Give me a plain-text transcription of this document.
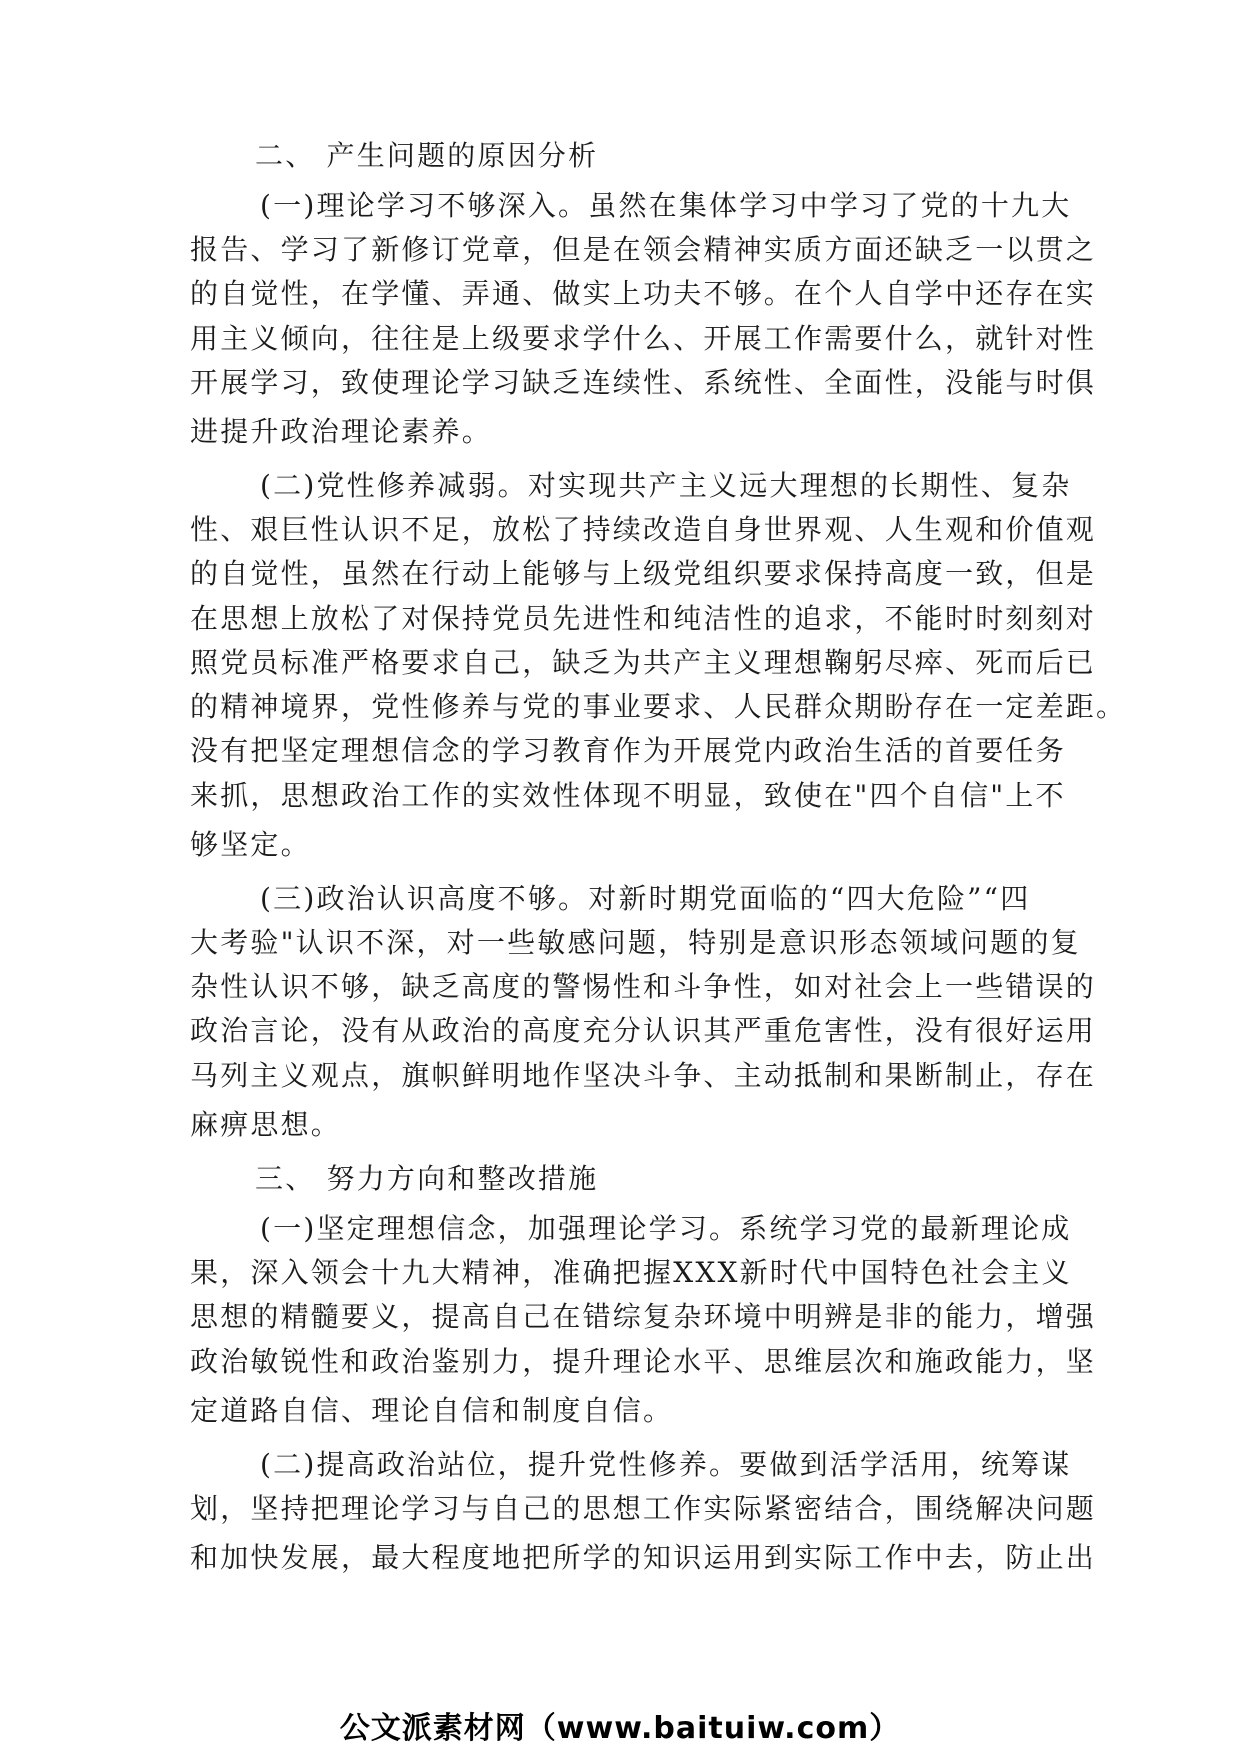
二、 产生问题的原因分析
(一)理论学习不够深入。虽然在集体学习中学习了党的十九大
报告、学习了新修订党章，但是在领会精神实质方面还缺乏一以贯之
的自觉性，在学懂、弄通、做实上功夫不够。在个人自学中还存在实
用主义倾向，往往是上级要求学什么、开展工作需要什么，就针对性
开展学习，致使理论学习缺乏连续性、系统性、全面性，没能与时俱
进提升政治理论素养。
(二)党性修养减弱。对实现共产主义远大理想的长期性、复杂
性、艰巨性认识不足，放松了持续改造自身世界观、人生观和价值观
的自觉性，虽然在行动上能够与上级党组织要求保持高度一致，但是
在思想上放松了对保持党员先进性和纯洁性的追求，不能时时刻刻对
照党员标准严格要求自己，缺乏为共产主义理想鞠躬尽瘁、死而后已
的精神境界，党性修养与党的事业要求、人民群众期盼存在一定差距。
没有把坚定理想信念的学习教育作为开展党内政治生活的首要任务
来抓，思想政治工作的实效性体现不明显，致使在"四个自信"上不
够坚定。
(三)政治认识高度不够。对新时期党面临的“四大危险”“四
大考验"认识不深，对一些敏感问题，特别是意识形态领域问题的复
杂性认识不够，缺乏高度的警惕性和斗争性，如对社会上一些错误的
政治言论，没有从政治的高度充分认识其严重危害性，没有很好运用
马列主义观点，旗帜鲜明地作坚决斗争、主动抵制和果断制止，存在
麻痹思想。
三、 努力方向和整改措施
(一)坚定理想信念，加强理论学习。系统学习党的最新理论成
果，深入领会十九大精神，准确把握XXX新时代中国特色社会主义
思想的精髓要义，提高自己在错综复杂环境中明辨是非的能力，增强
政治敏锐性和政治鉴别力，提升理论水平、思维层次和施政能力，坚
定道路自信、理论自信和制度自信。
(二)提高政治站位，提升党性修养。要做到活学活用，统筹谋
划，坚持把理论学习与自己的思想工作实际紧密结合，围绕解决问题
和加快发展，最大程度地把所学的知识运用到实际工作中去，防止出
公文派素材网（www.baituiw.com）
